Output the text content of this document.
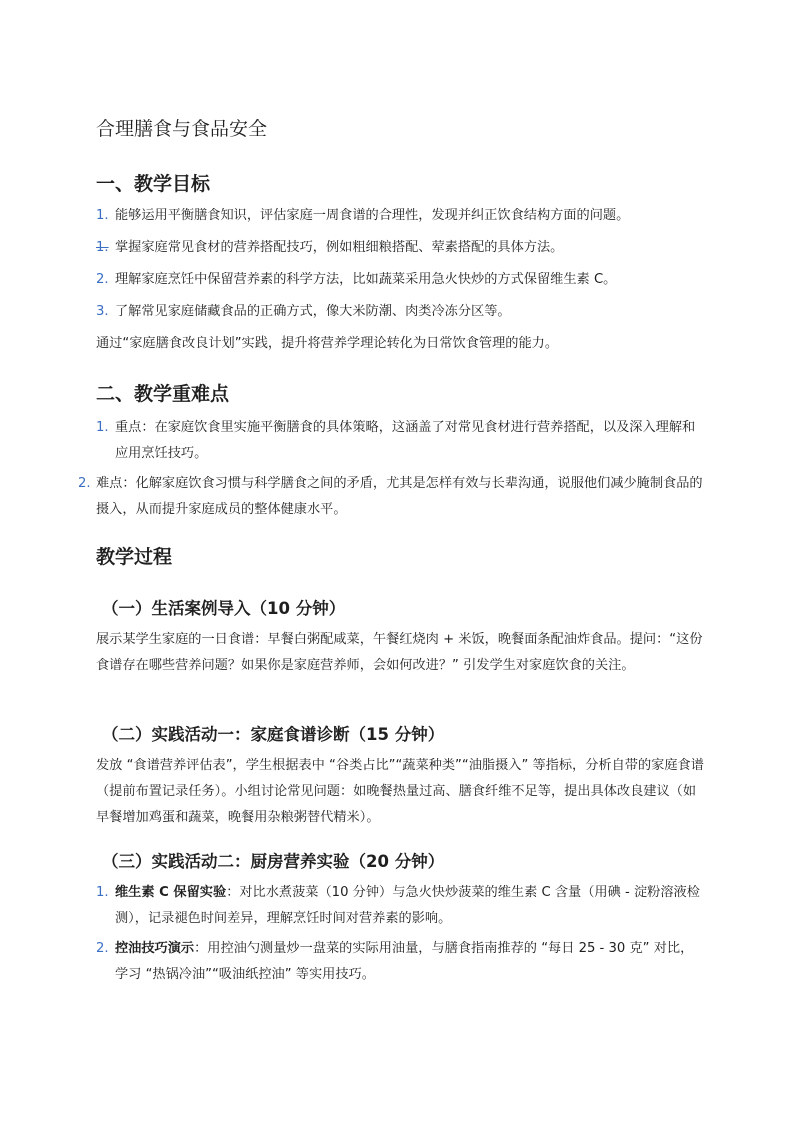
合理膳食与食品安全
一、教学目标
1. 能够运用平衡膳食知识，评估家庭一周食谱的合理性，发现并纠正饮食结构方面的问题。
1. 掌握家庭常见食材的营养搭配技巧，例如粗细粮搭配、荤素搭配的具体方法。
2. 理解家庭烹饪中保留营养素的科学方法，比如蔬菜采用急火快炒的方式保留维生素 C。
3. 了解常见家庭储藏食品的正确方式，像大米防潮、肉类冷冻分区等。
通过“家庭膳食改良计划”实践，提升将营养学理论转化为日常饮食管理的能力。
二、教学重难点
1. 重点：在家庭饮食里实施平衡膳食的具体策略，这涵盖了对常见食材进行营养搭配，以及深入理解和应用烹饪技巧。
2. 难点：化解家庭饮食习惯与科学膳食之间的矛盾，尤其是怎样有效与长辈沟通，说服他们减少腌制食品的摄入，从而提升家庭成员的整体健康水平。
教学过程
（一）生活案例导入（10 分钟）
展示某学生家庭的一日食谱：早餐白粥配咸菜，午餐红烧肉 + 米饭，晚餐面条配油炸食品。提问：“这份食谱存在哪些营养问题？如果你是家庭营养师，会如何改进？” 引发学生对家庭饮食的关注。
（二）实践活动一：家庭食谱诊断（15 分钟）
发放 “食谱营养评估表”，学生根据表中 “谷类占比”“蔬菜种类”“油脂摄入” 等指标，分析自带的家庭食谱（提前布置记录任务）。小组讨论常见问题：如晚餐热量过高、膳食纤维不足等，提出具体改良建议（如早餐增加鸡蛋和蔬菜，晚餐用杂粮粥替代精米）。
（三）实践活动二：厨房营养实验（20 分钟）
1. 维生素 C 保留实验：对比水煮菠菜（10 分钟）与急火快炒菠菜的维生素 C 含量（用碘 - 淀粉溶液检测），记录褪色时间差异，理解烹饪时间对营养素的影响。
2. 控油技巧演示：用控油勺测量炒一盘菜的实际用油量，与膳食指南推荐的 “每日 25 - 30 克” 对比，学习 “热锅冷油”“吸油纸控油” 等实用技巧。
